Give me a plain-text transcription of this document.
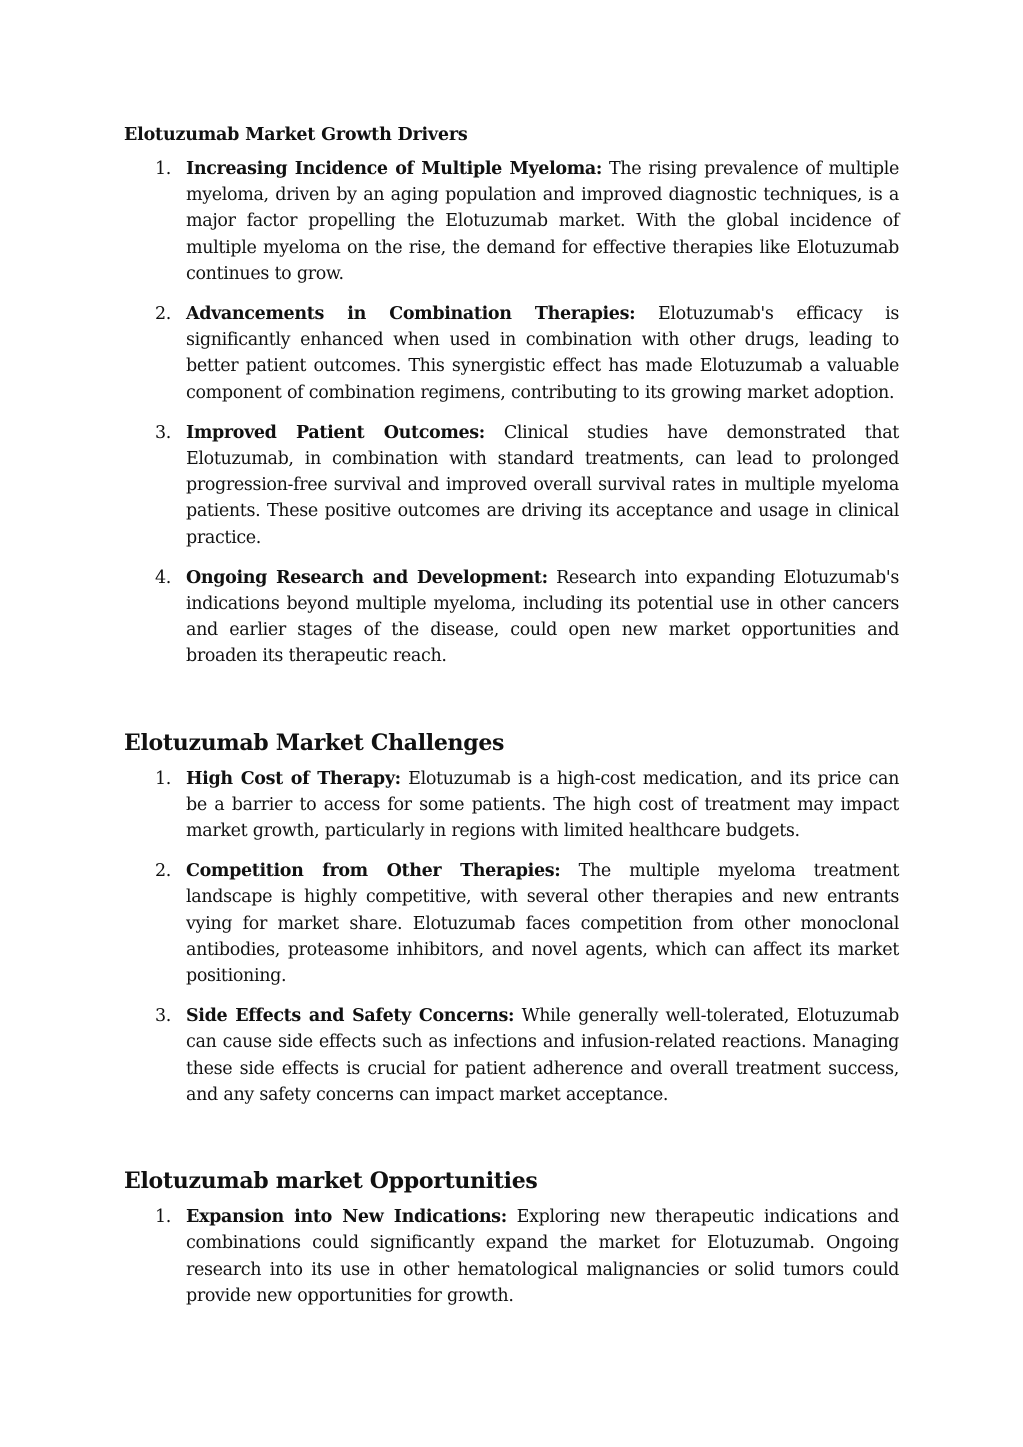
Elotuzumab Market Growth Drivers
1. Increasing Incidence of Multiple Myeloma: The rising prevalence of multiple myeloma, driven by an aging population and improved diagnostic techniques, is a major factor propelling the Elotuzumab market. With the global incidence of multiple myeloma on the rise, the demand for effective therapies like Elotuzumab continues to grow.
2. Advancements in Combination Therapies: Elotuzumab's efficacy is significantly enhanced when used in combination with other drugs, leading to better patient outcomes. This synergistic effect has made Elotuzumab a valuable component of combination regimens, contributing to its growing market adoption.
3. Improved Patient Outcomes: Clinical studies have demonstrated that Elotuzumab, in combination with standard treatments, can lead to prolonged progression-free survival and improved overall survival rates in multiple myeloma patients. These positive outcomes are driving its acceptance and usage in clinical practice.
4. Ongoing Research and Development: Research into expanding Elotuzumab's indications beyond multiple myeloma, including its potential use in other cancers and earlier stages of the disease, could open new market opportunities and broaden its therapeutic reach.
Elotuzumab Market Challenges
1. High Cost of Therapy: Elotuzumab is a high-cost medication, and its price can be a barrier to access for some patients. The high cost of treatment may impact market growth, particularly in regions with limited healthcare budgets.
2. Competition from Other Therapies: The multiple myeloma treatment landscape is highly competitive, with several other therapies and new entrants vying for market share. Elotuzumab faces competition from other monoclonal antibodies, proteasome inhibitors, and novel agents, which can affect its market positioning.
3. Side Effects and Safety Concerns: While generally well-tolerated, Elotuzumab can cause side effects such as infections and infusion-related reactions. Managing these side effects is crucial for patient adherence and overall treatment success, and any safety concerns can impact market acceptance.
Elotuzumab market Opportunities
1. Expansion into New Indications: Exploring new therapeutic indications and combinations could significantly expand the market for Elotuzumab. Ongoing research into its use in other hematological malignancies or solid tumors could provide new opportunities for growth.
